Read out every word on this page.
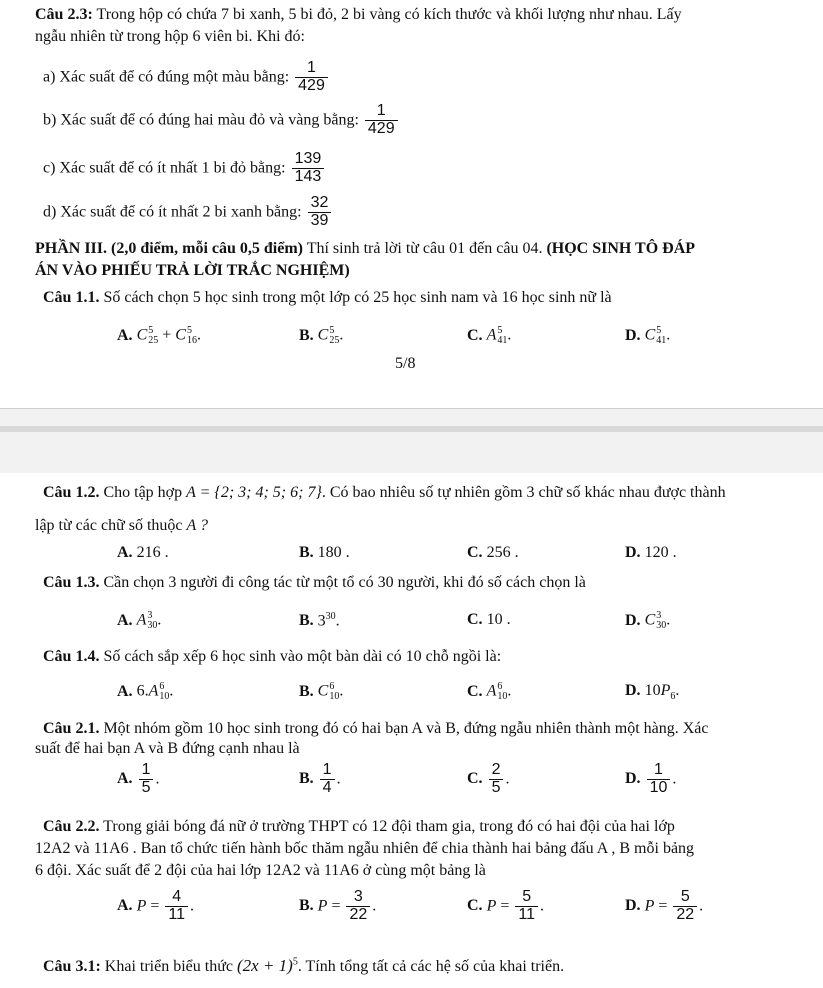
Câu 2.3: Trong hộp có chứa 7 bi xanh, 5 bi đỏ, 2 bi vàng có kích thước và khối lượng như nhau. Lấy
ngẫu nhiên từ trong hộp 6 viên bi. Khi đó:
a) Xác suất để có đúng một màu bằng: $\frac{1}{429}$
b) Xác suất để có đúng hai màu đỏ và vàng bằng: $\frac{1}{429}$
c) Xác suất để có ít nhất 1 bi đỏ bằng: $\frac{139}{143}$
d) Xác suất để có ít nhất 2 bi xanh bằng: $\frac{32}{39}$
PHẦN III. (2,0 điểm, mỗi câu 0,5 điểm) Thí sinh trả lời từ câu 01 đến câu 04. (HỌC SINH TÔ ĐÁP
ÁN VÀO PHIẾU TRẢ LỜI TRẮC NGHIỆM)
Câu 1.1. Số cách chọn 5 học sinh trong một lớp có 25 học sinh nam và 16 học sinh nữ là
A. C 5
25 + C 5
16 .	B. C 5
25 .	C. A 5
41 .	D. C 5
41 .
5/8
Câu 1.2. Cho tập hợp A = {2; 3; 4; 5; 6; 7}. Có bao nhiêu số tự nhiên gồm 3 chữ số khác nhau được thành
lập từ các chữ số thuộc A ?
A. 216 .	B. 180 .	C. 256 .	D. 120 .
Câu 1.3. Cần chọn 3 người đi công tác từ một tổ có 30 người, khi đó số cách chọn là
A. A 3
30 .	B. $3^{30}$.	C. 10 .	D. C 3
30 .
Câu 1.4. Số cách sắp xếp 6 học sinh vào một bàn dài có 10 chỗ ngồi là:
A. 6.A 6
10 .	B. C 6
10 .	C. A 6
10 .	D. $10P_6$.
Câu 2.1. Một nhóm gồm 10 học sinh trong đó có hai bạn A và B, đứng ngẫu nhiên thành một hàng. Xác
suất để hai bạn A và B đứng cạnh nhau là
A. $\frac{1}{5}$ .	B. $\frac{1}{4}$ .	C. $\frac{2}{5}$ .	D. $\frac{1}{10}$ .
Câu 2.2. Trong giải bóng đá nữ ở trường THPT có 12 đội tham gia, trong đó có hai đội của hai lớp
12A2 và 11A6 . Ban tổ chức tiến hành bốc thăm ngẫu nhiên để chia thành hai bảng đấu A , B mỗi bảng
6 đội. Xác suất để 2 đội của hai lớp 12A2 và 11A6 ở cùng một bảng là
A. $P = \frac{4}{11}$ .	B. $P = \frac{3}{22}$ .	C. $P = \frac{5}{11}$ .	D. $P = \frac{5}{22}$ .
Câu 3.1: Khai triển biểu thức $(2x + 1)^5$. Tính tổng tất cả các hệ số của khai triển.
